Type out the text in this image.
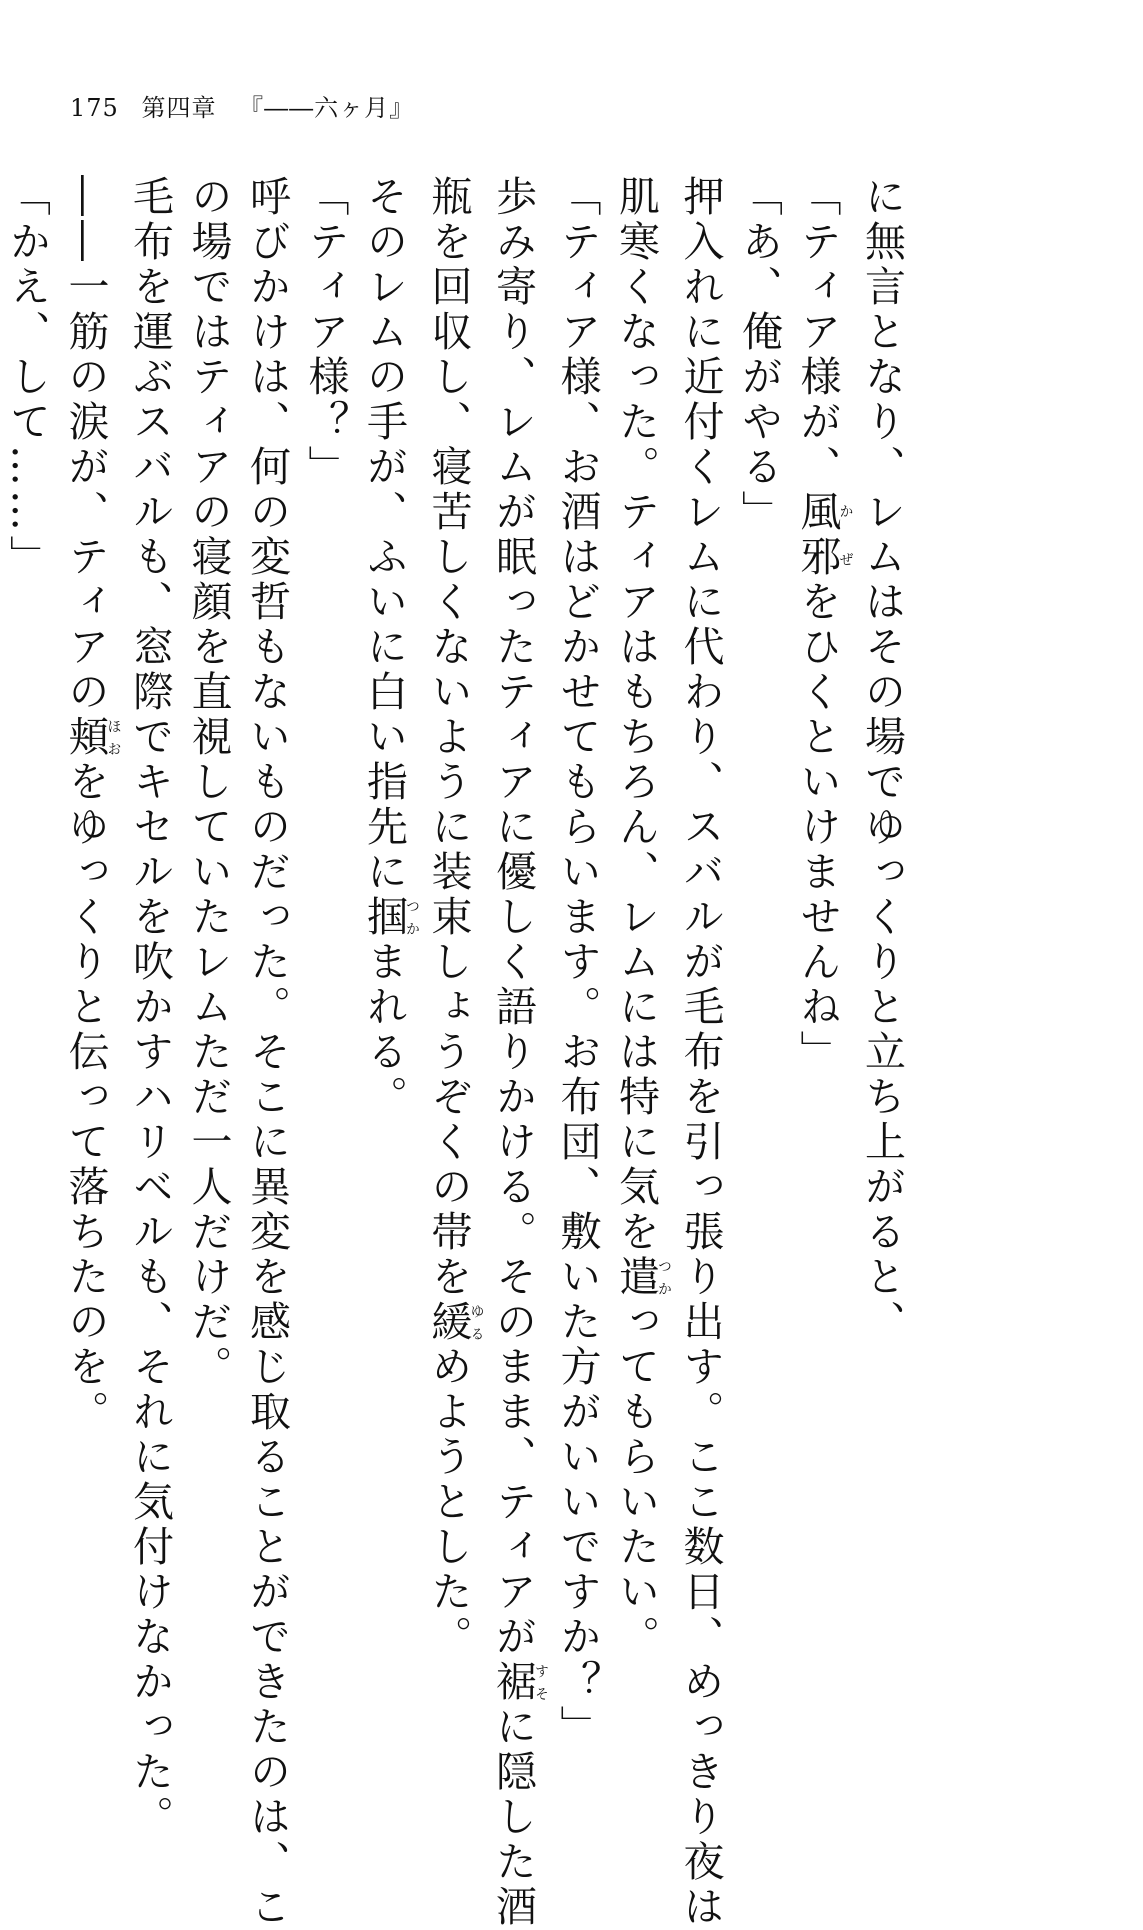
175 第四章 『――六ヶ月』

に無言となり、レムはその場でゆっくりと立ち上がると、

「ティア様が、風邪かぜをひくといけませんね」

「あ、俺がやる」

押入れに近付くレムに代わり、スバルが毛布を引っ張り出す。ここ数日、めっきり夜は

肌寒くなった。ティアはもちろん、レムには特に気を遣つかってもらいたい。

「ティア様、お酒はどかせてもらいます。お布団、敷いた方がいいですか？」

歩み寄り、レムが眠ったティアに優しく語りかける。そのまま、ティアが裾すそに隠した酒

瓶を回収し、寝苦しくないように装束しょうぞくの帯を緩ゆるめようとした。

そのレムの手が、ふいに白い指先に掴つかまれる。

「ティア様？」

呼びかけは、何の変哲もないものだった。そこに異変を感じ取ることができたのは、こ

の場ではティアの寝顔を直視していたレムただ一人だけだ。

毛布を運ぶスバルも、窓際でキセルを吹かすハリベルも、それに気付けなかった。

――一筋の涙が、ティアの頬ほおをゆっくりと伝って落ちたのを。

「かえ、して……」
